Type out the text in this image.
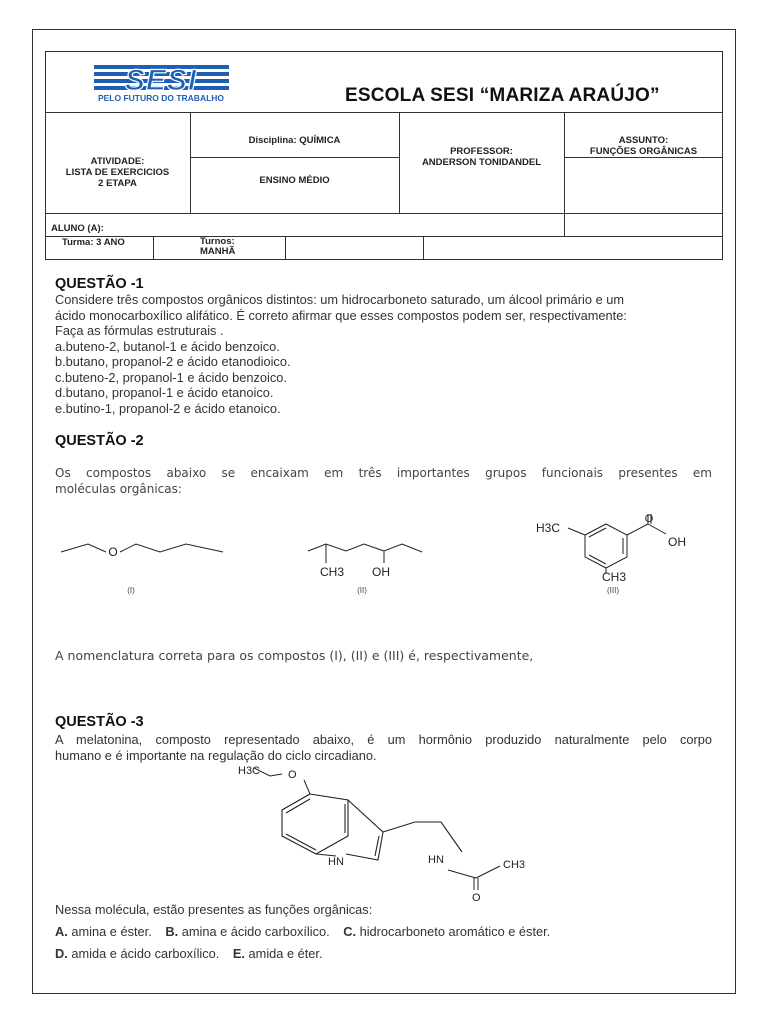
SESI
PELO FUTURO DO TRABALHO	ESCOLA SESI “MARIZA ARAÚJO”
ATIVIDADE:
LISTA DE EXERCICIOS
2 ETAPA
Disciplina: QUÍMICA
ENSINO MÉDIO
PROFESSOR:
ANDERSON TONIDANDEL
ASSUNTO:
FUNÇÕES ORGÂNICAS
ALUNO (A):
Turma: 3 ANO	Turnos:
MANHÃ
QUESTÃO -1
Considere três compostos orgânicos distintos: um hidrocarboneto saturado, um álcool primário e um
ácido monocarboxílico alifático. É correto afirmar que esses compostos podem ser, respectivamente:
Faça as fórmulas estruturais .
a.buteno-2, butanol-1 e ácido benzoico.
b.butano, propanol-2 e ácido etanodioico.
c.buteno-2, propanol-1 e ácido benzoico.
d.butano, propanol-1 e ácido etanoico.
e.butino-1, propanol-2 e ácido etanoico.
QUESTÃO -2
Os compostos abaixo se encaixam em três importantes grupos funcionais presentes em
moléculas orgânicas:
O
(I)
CH3 OH
(II)
H3C
O
OH
CH3
(III)
A nomenclatura correta para os compostos (I), (II) e (III) é, respectivamente,
QUESTÃO -3
A melatonina, composto representado abaixo, é um hormônio produzido naturalmente pelo corpo
humano e é importante na regulação do ciclo circadiano.
H3C	O
HN	HN	CH3
O
Nessa molécula, estão presentes as funções orgânicas:
A. amina e éster. B. amina e ácido carboxílico. C. hidrocarboneto aromático e éster.
D. amida e ácido carboxílico. E. amida e éter.
